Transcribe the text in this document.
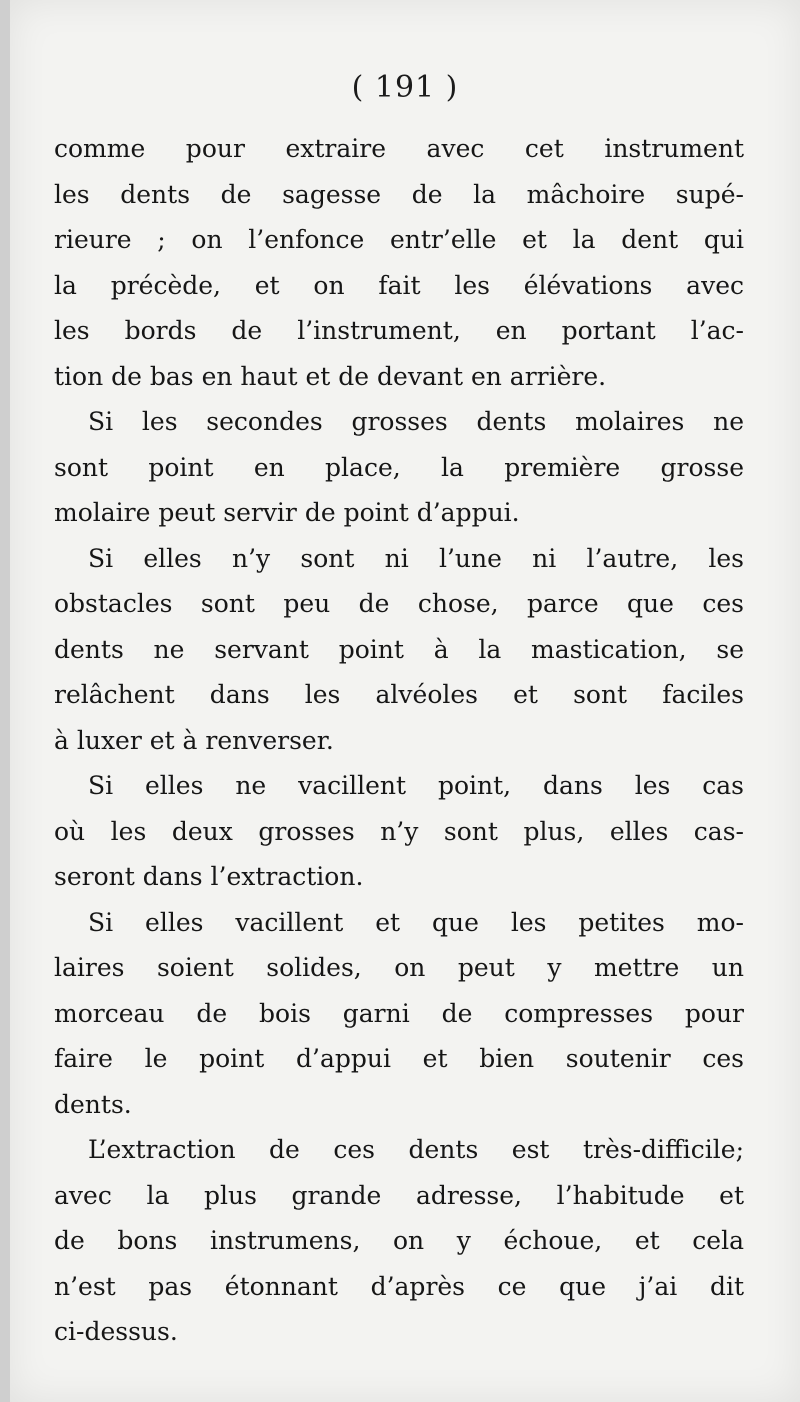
( 191 )
comme pour extraire avec cet instrument
les dents de sagesse de la mâchoire supé-
rieure ; on l’enfonce entr’elle et la dent qui
la précède, et on fait les élévations avec
les bords de l’instrument, en portant l’ac-
tion de bas en haut et de devant en arrière.
Si les secondes grosses dents molaires ne
sont point en place, la première grosse
molaire peut servir de point d’appui.
Si elles n’y sont ni l’une ni l’autre, les
obstacles sont peu de chose, parce que ces
dents ne servant point à la mastication, se
relâchent dans les alvéoles et sont faciles
à luxer et à renverser.
Si elles ne vacillent point, dans les cas
où les deux grosses n’y sont plus, elles cas-
seront dans l’extraction.
Si elles vacillent et que les petites mo-
laires soient solides, on peut y mettre un
morceau de bois garni de compresses pour
faire le point d’appui et bien soutenir ces
dents.
L’extraction de ces dents est très-difficile;
avec la plus grande adresse, l’habitude et
de bons instrumens, on y échoue, et cela
n’est pas étonnant d’après ce que j’ai dit
ci-dessus.
